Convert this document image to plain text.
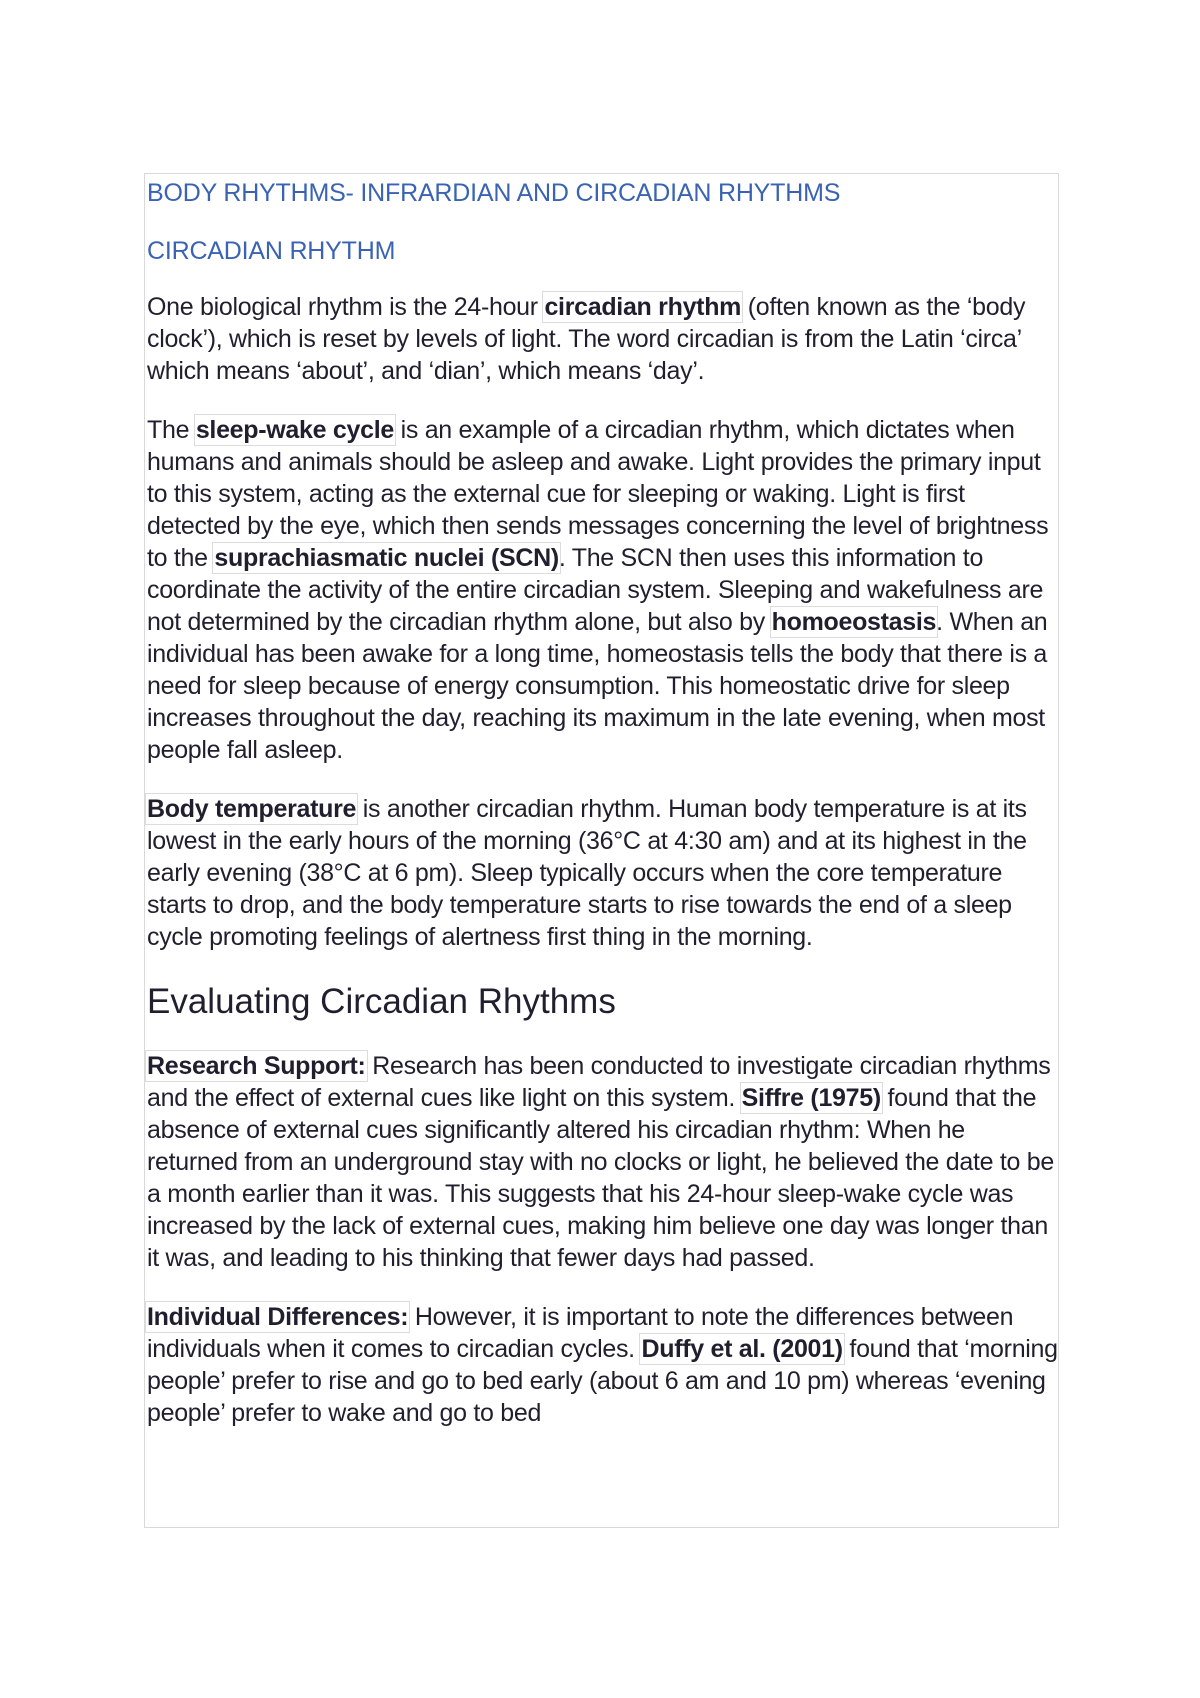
BODY RHYTHMS- INFRARDIAN AND CIRCADIAN RHYTHMS
CIRCADIAN RHYTHM

One biological rhythm is the 24-hour circadian rhythm (often known as the ‘body clock’), which is reset by levels of light. The word circadian is from the Latin ‘circa’ which means ‘about’, and ‘dian’, which means ‘day’.

The sleep-wake cycle is an example of a circadian rhythm, which dictates when humans and animals should be asleep and awake. Light provides the primary input to this system, acting as the external cue for sleeping or waking. Light is first detected by the eye, which then sends messages concerning the level of brightness to the suprachiasmatic nuclei (SCN). The SCN then uses this information to coordinate the activity of the entire circadian system. Sleeping and wakefulness are not determined by the circadian rhythm alone, but also by homoeostasis. When an individual has been awake for a long time, homeostasis tells the body that there is a need for sleep because of energy consumption. This homeostatic drive for sleep increases throughout the day, reaching its maximum in the late evening, when most people fall asleep.

Body temperature is another circadian rhythm. Human body temperature is at its lowest in the early hours of the morning (36°C at 4:30 am) and at its highest in the early evening (38°C at 6 pm). Sleep typically occurs when the core temperature starts to drop, and the body temperature starts to rise towards the end of a sleep cycle promoting feelings of alertness first thing in the morning.

Evaluating Circadian Rhythms

Research Support: Research has been conducted to investigate circadian rhythms and the effect of external cues like light on this system. Siffre (1975) found that the absence of external cues significantly altered his circadian rhythm: When he returned from an underground stay with no clocks or light, he believed the date to be a month earlier than it was. This suggests that his 24-hour sleep-wake cycle was increased by the lack of external cues, making him believe one day was longer than it was, and leading to his thinking that fewer days had passed.

Individual Differences: However, it is important to note the differences between individuals when it comes to circadian cycles. Duffy et al. (2001) found that ‘morning people’ prefer to rise and go to bed early (about 6 am and 10 pm) whereas ‘evening people’ prefer to wake and go to bed
